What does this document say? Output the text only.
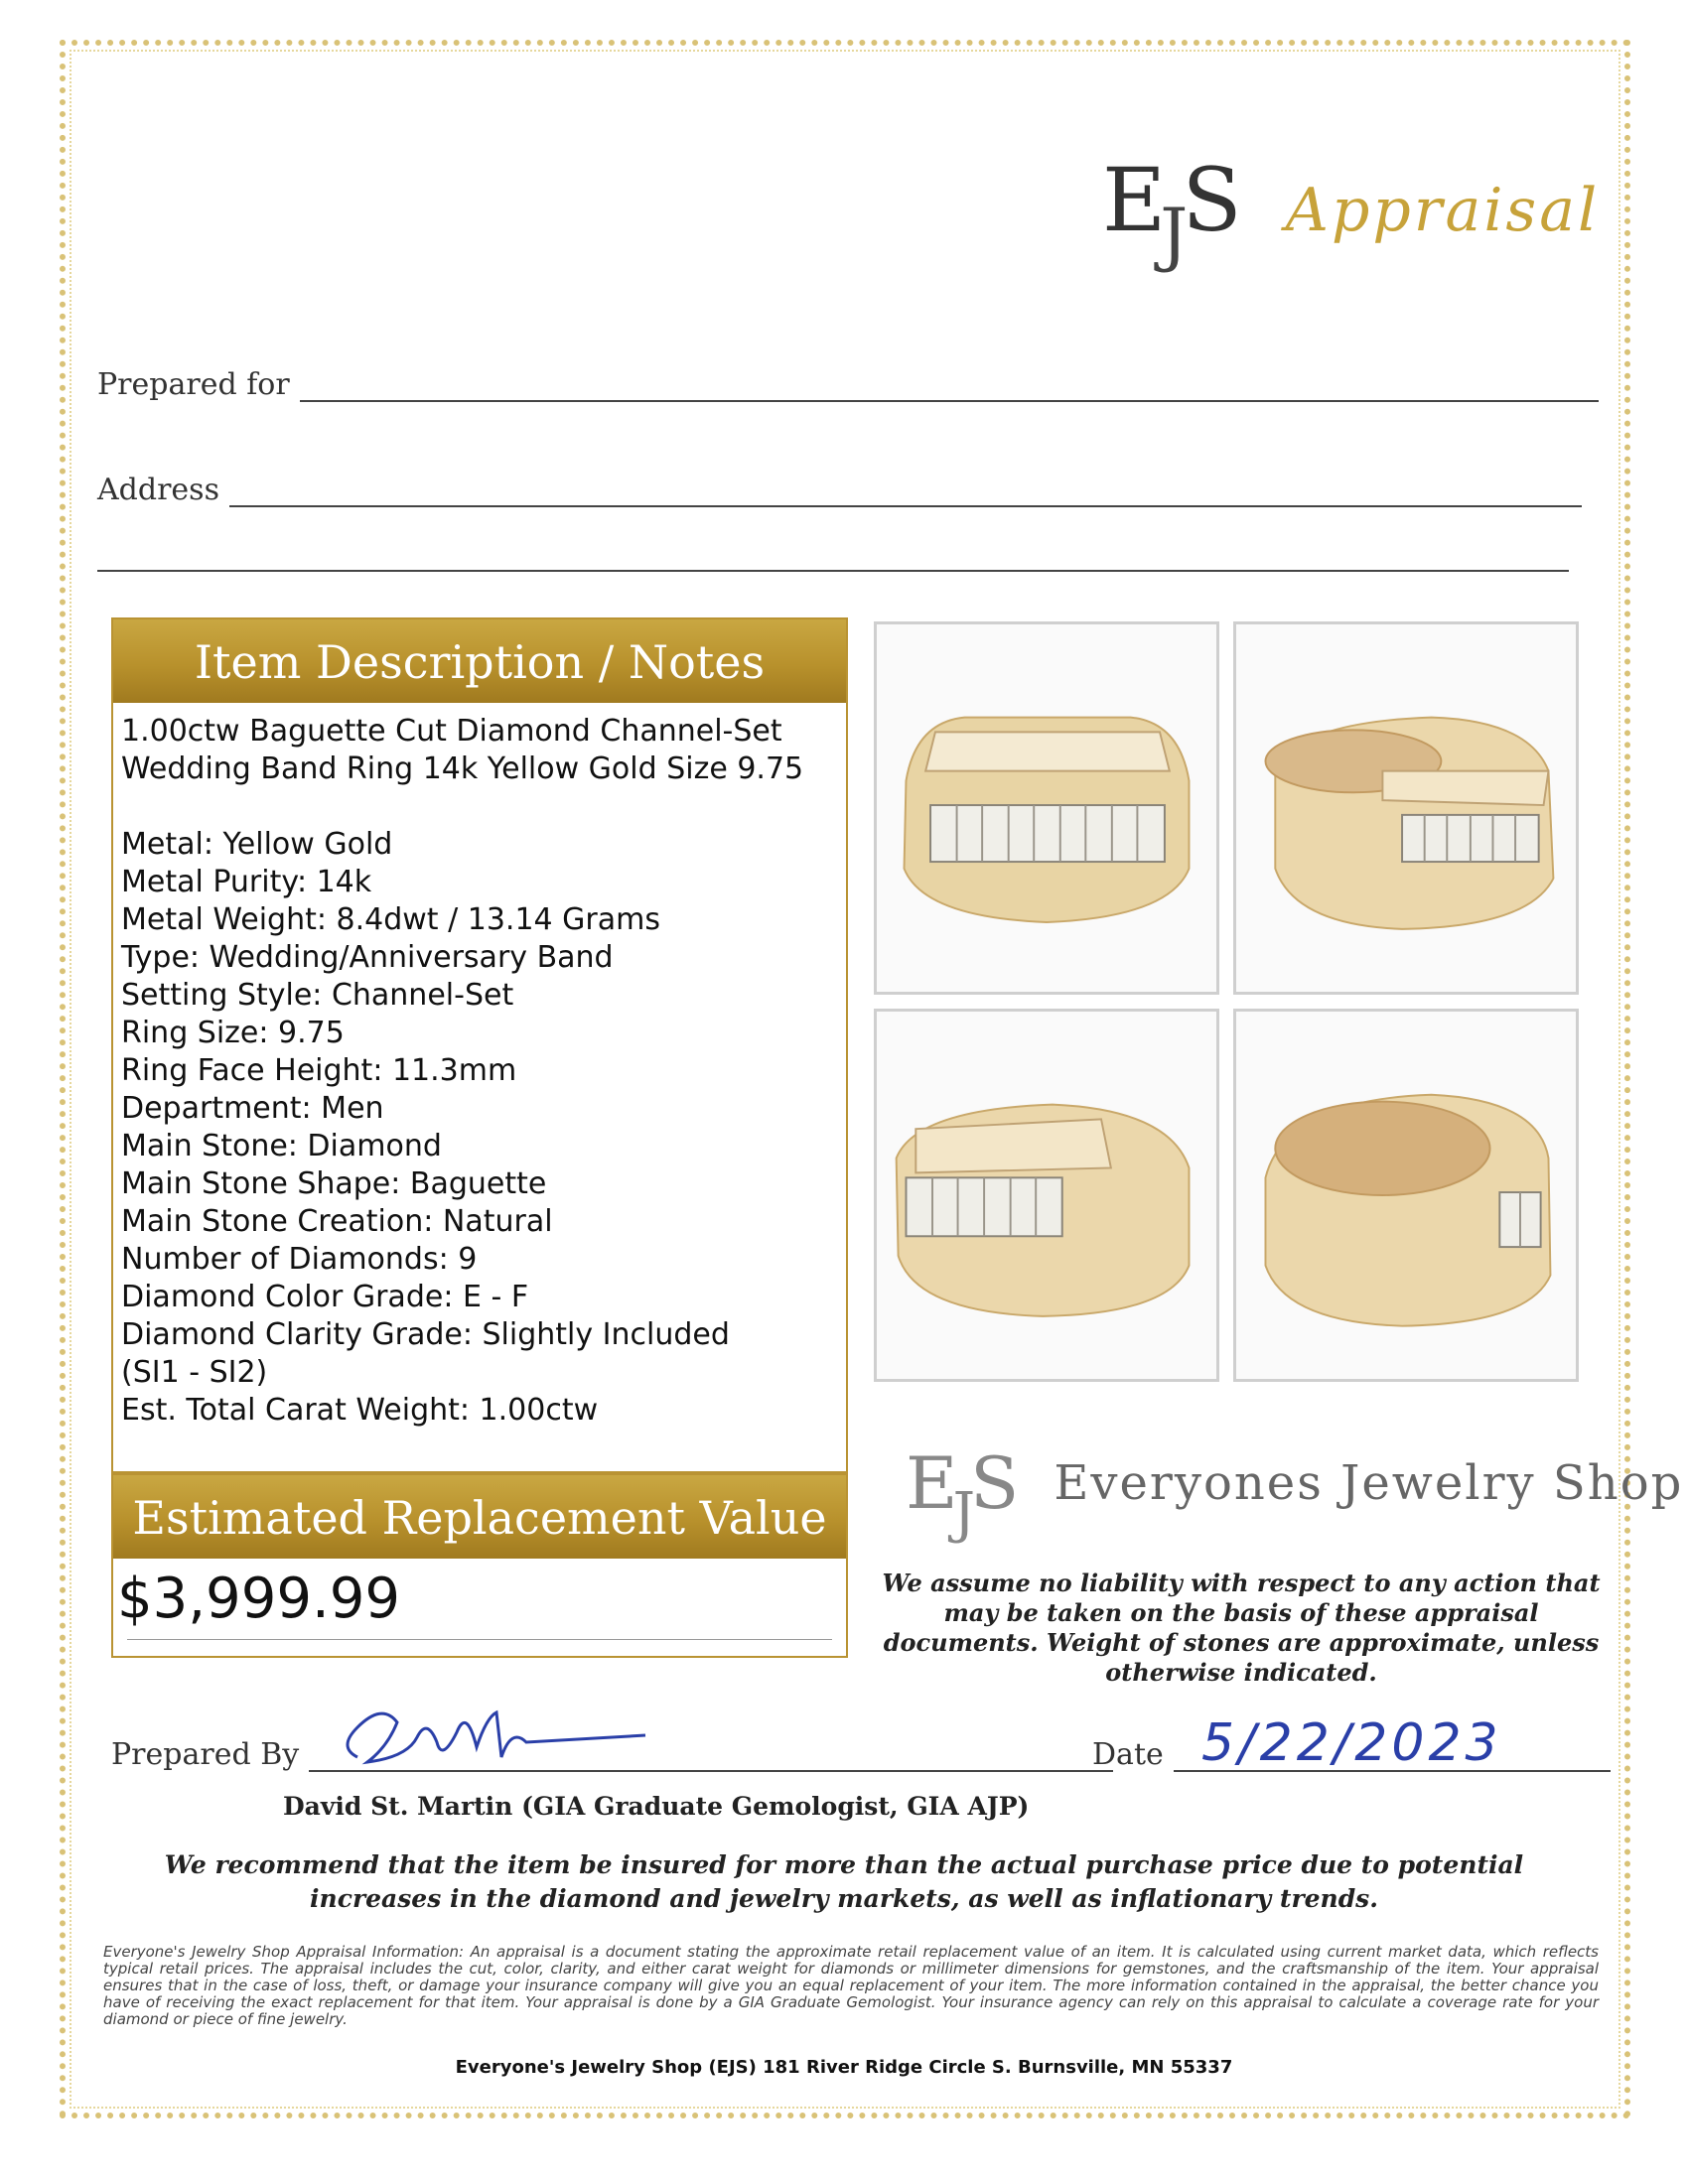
$E_JS$ Appraisal
Prepared for
Address
Item Description / Notes
1.00ctw Baguette Cut Diamond Channel-Set
Wedding Band Ring 14k Yellow Gold Size 9.75
Metal: Yellow Gold
Metal Purity: 14k
Metal Weight: 8.4dwt / 13.14 Grams
Type: Wedding/Anniversary Band
Setting Style: Channel-Set
Ring Size: 9.75
Ring Face Height: 11.3mm
Department: Men
Main Stone: Diamond
Main Stone Shape: Baguette
Main Stone Creation: Natural
Number of Diamonds: 9
Diamond Color Grade: E - F
Diamond Clarity Grade: Slightly Included
(SI1 - SI2)
Est. Total Carat Weight: 1.00ctw
Estimated Replacement Value
$3,999.99
$E_JS$ Everyones Jewelry Shop
We assume no liability with respect to any action that may be taken on the basis of these appraisal documents. Weight of stones are approximate, unless otherwise indicated.
Prepared By	Date 5/22/2023
David St. Martin (GIA Graduate Gemologist, GIA AJP)
We recommend that the item be insured for more than the actual purchase price due to potential increases in the diamond and jewelry markets, as well as inflationary trends.
Everyone's Jewelry Shop Appraisal Information: An appraisal is a document stating the approximate retail replacement value of an item. It is calculated using current market data, which reflects typical retail prices. The appraisal includes the cut, color, clarity, and either carat weight for diamonds or millimeter dimensions for gemstones, and the craftsmanship of the item. Your appraisal ensures that in the case of loss, theft, or damage your insurance company will give you an equal replacement of your item. The more information contained in the appraisal, the better chance you have of receiving the exact replacement for that item. Your appraisal is done by a GIA Graduate Gemologist. Your insurance agency can rely on this appraisal to calculate a coverage rate for your diamond or piece of fine jewelry.
Everyone's Jewelry Shop (EJS) 181 River Ridge Circle S. Burnsville, MN 55337
